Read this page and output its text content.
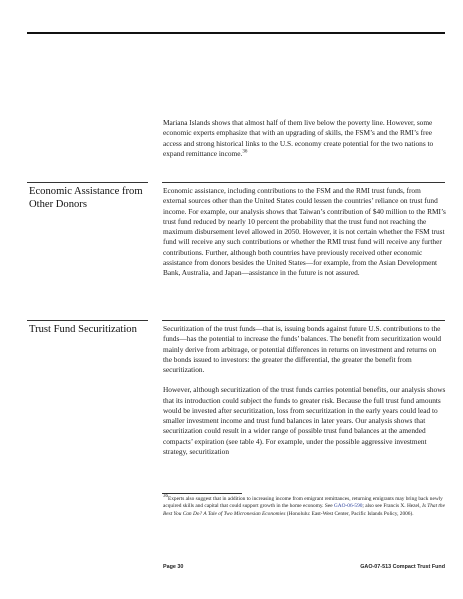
Mariana Islands shows that almost half of them live below the poverty line. However, some economic experts emphasize that with an upgrading of skills, the FSM’s and the RMI’s free access and strong historical links to the U.S. economy create potential for the two nations to expand remittance income.$^{36}$

Economic Assistance from Other Donors

Economic assistance, including contributions to the FSM and the RMI trust funds, from external sources other than the United States could lessen the countries’ reliance on trust fund income. For example, our analysis shows that Taiwan’s contribution of $40 million to the RMI’s trust fund reduced by nearly 10 percent the probability that the trust fund not reaching the maximum disbursement level allowed in 2050. However, it is not certain whether the FSM trust fund will receive any such contributions or whether the RMI trust fund will receive any further contributions. Further, although both countries have previously received other economic assistance from donors besides the United States—for example, from the Asian Development Bank, Australia, and Japan—assistance in the future is not assured.

Trust Fund Securitization	Securitization of the trust funds—that is, issuing bonds against future U.S. contributions to the funds—has the potential to increase the funds’ balances. The benefit from securitization would mainly derive from arbitrage, or potential differences in returns on investment and returns on the bonds issued to investors: the greater the differential, the greater the benefit from securitization.

However, although securitization of the trust funds carries potential benefits, our analysis shows that its introduction could subject the funds to greater risk. Because the full trust fund amounts would be invested after securitization, loss from securitization in the early years could lead to smaller investment income and trust fund balances in later years. Our analysis shows that securitization could result in a wider range of possible trust fund balances at the amended compacts’ expiration (see table 4). For example, under the possible aggressive investment strategy, securitization

$^{36}$Experts also suggest that in addition to increasing income from emigrant remittances, returning emigrants may bring back newly acquired skills and capital that could support growth in the home economy. See GAO-06-590; also see Francis X. Hezel, Is That the Best You Can Do? A Tale of Two Micronesian Economies (Honolulu: East-West Center, Pacific Islands Policy, 2006).
Page 30	GAO-07-513 Compact Trust Fund
